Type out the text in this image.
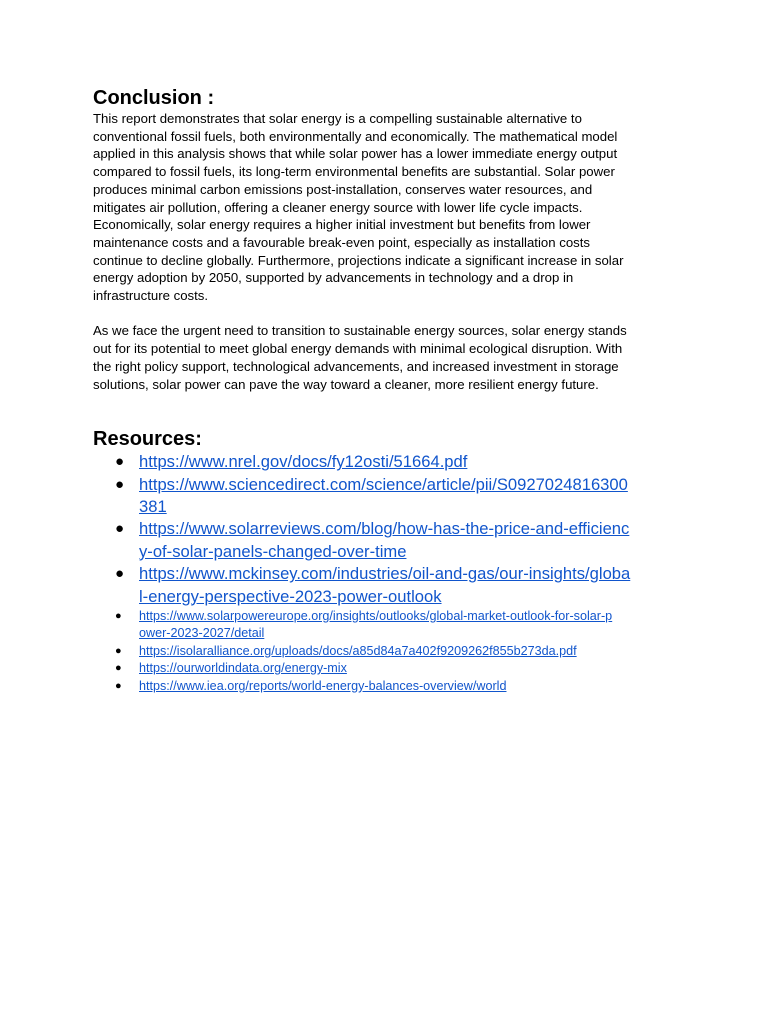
Conclusion :

This report demonstrates that solar energy is a compelling sustainable alternative to
conventional fossil fuels, both environmentally and economically. The mathematical model
applied in this analysis shows that while solar power has a lower immediate energy output
compared to fossil fuels, its long-term environmental benefits are substantial. Solar power
produces minimal carbon emissions post-installation, conserves water resources, and
mitigates air pollution, offering a cleaner energy source with lower life cycle impacts.
Economically, solar energy requires a higher initial investment but benefits from lower
maintenance costs and a favourable break-even point, especially as installation costs
continue to decline globally. Furthermore, projections indicate a significant increase in solar
energy adoption by 2050, supported by advancements in technology and a drop in
infrastructure costs.

As we face the urgent need to transition to sustainable energy sources, solar energy stands
out for its potential to meet global energy demands with minimal ecological disruption. With
the right policy support, technological advancements, and increased investment in storage
solutions, solar power can pave the way toward a cleaner, more resilient energy future.

Resources:
● https://www.nrel.gov/docs/fy12osti/51664.pdf
● https://www.sciencedirect.com/science/article/pii/S0927024816300
381
● https://www.solarreviews.com/blog/how-has-the-price-and-efficienc
y-of-solar-panels-changed-over-time
● https://www.mckinsey.com/industries/oil-and-gas/our-insights/globa
l-energy-perspective-2023-power-outlook
● https://www.solarpowereurope.org/insights/outlooks/global-market-outlook-for-solar-p
ower-2023-2027/detail
● https://isolaralliance.org/uploads/docs/a85d84a7a402f9209262f855b273da.pdf
● https://ourworldindata.org/energy-mix
● https://www.iea.org/reports/world-energy-balances-overview/world
